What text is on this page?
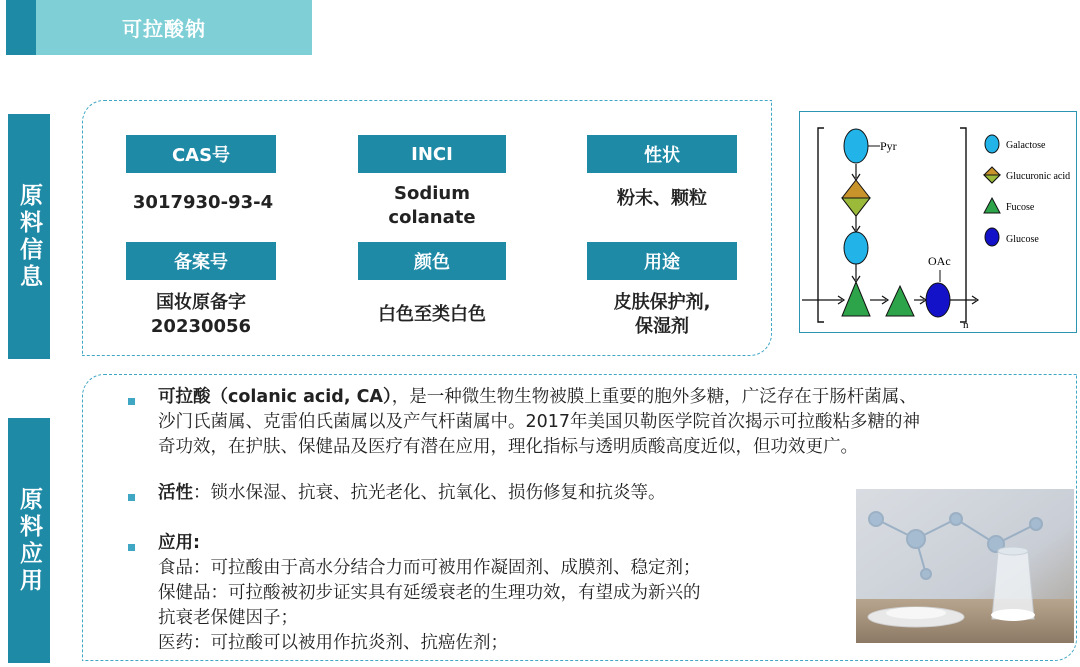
可拉酸钠
原料信息
原料应用
CAS号
3017930-93-4
INCI
Sodium
colanate
性状
粉末、颗粒
备案号
国妆原备字
20230056
颜色
白色至类白色
用途
皮肤保护剂,
保湿剂	n
Pyr
OAc
Galactose
Glucuronic acid
Fucose
Glucose
可拉酸（colanic acid, CA），是一种微生物生物被膜上重要的胞外多糖，广泛存在于肠杆菌属、
沙门氏菌属、克雷伯氏菌属以及产气杆菌属中。2017年美国贝勒医学院首次揭示可拉酸粘多糖的神
奇功效，在护肤、保健品及医疗有潜在应用，理化指标与透明质酸高度近似，但功效更广。
活性：锁水保湿、抗衰、抗光老化、抗氧化、损伤修复和抗炎等。
应用:
食品：可拉酸由于高水分结合力而可被用作凝固剂、成膜剂、稳定剂；
保健品：可拉酸被初步证实具有延缓衰老的生理功效，有望成为新兴的
抗衰老保健因子；
医药：可拉酸可以被用作抗炎剂、抗癌佐剂；
